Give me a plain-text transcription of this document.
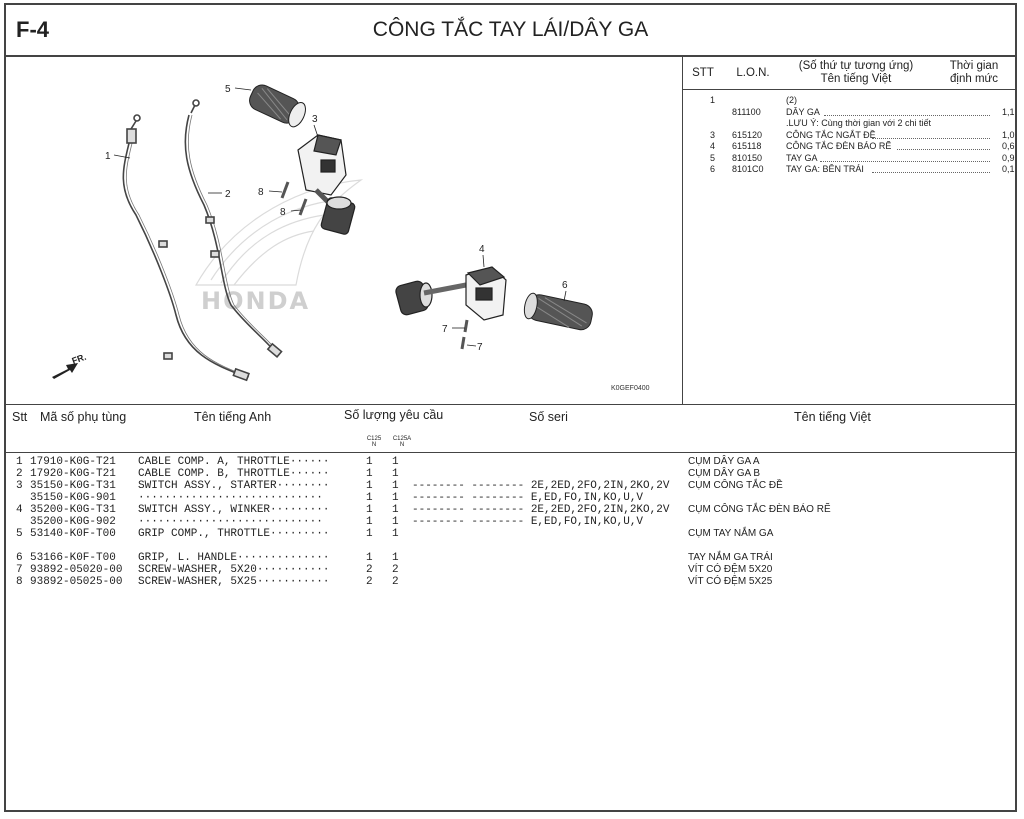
F-4	CÔNG TẮC TAY LÁI/DÂY GA
HONDA
1
2
3
4
5
6
7
7
8
8
FR.
K0GEF0400
STT	L.O.N.
(Số thứ tự tương ứng)
Tên tiếng Việt
Thời gian
định mức
1	(2)
811100	DÂY GA	1,1
.LƯU Ý: Cùng thời gian với 2 chi tiết
3 615120	CÔNG TẮC NGẮT ĐỀ	1,0
4 615118	CÔNG TẮC ĐÈN BÁO RẼ	0,6
5 810150	TAY GA	0,9
6 8101C0 TAY GA: BÊN TRÁI	0,1
Stt Mã số phụ tùng	Tên tiếng Anh	Số lượng yêu cầu
C125
N
C125A
N
Số seri	Tên tiếng Việt
1 17910-K0G-T21 CABLE COMP. A, THROTTLE······	1 1	CỤM DÂY GA A
2 17920-K0G-T21 CABLE COMP. B, THROTTLE······	1 1	CỤM DÂY GA B
3 35150-K0G-T31 SWITCH ASSY., STARTER········	1 1 -------- -------- 2E,2ED,2FO,2IN,2KO,2V CỤM CÔNG TẮC ĐỀ
35150-K0G-901 ····························	1 1 -------- -------- E,ED,FO,IN,KO,U,V
4 35200-K0G-T31 SWITCH ASSY., WINKER·········	1 1 -------- -------- 2E,2ED,2FO,2IN,2KO,2V CỤM CÔNG TẮC ĐÈN BÁO RẼ
35200-K0G-902 ····························	1 1 -------- -------- E,ED,FO,IN,KO,U,V
5 53140-K0F-T00 GRIP COMP., THROTTLE·········	1 1	CỤM TAY NẮM GA
6 53166-K0F-T00 GRIP, L. HANDLE··············	1 1	TAY NẮM GA TRÁI
7 93892-05020-00 SCREW-WASHER, 5X20···········	2 2	VÍT CÓ ĐỆM 5X20
8 93892-05025-00 SCREW-WASHER, 5X25···········	2 2	VÍT CÓ ĐỆM 5X25
